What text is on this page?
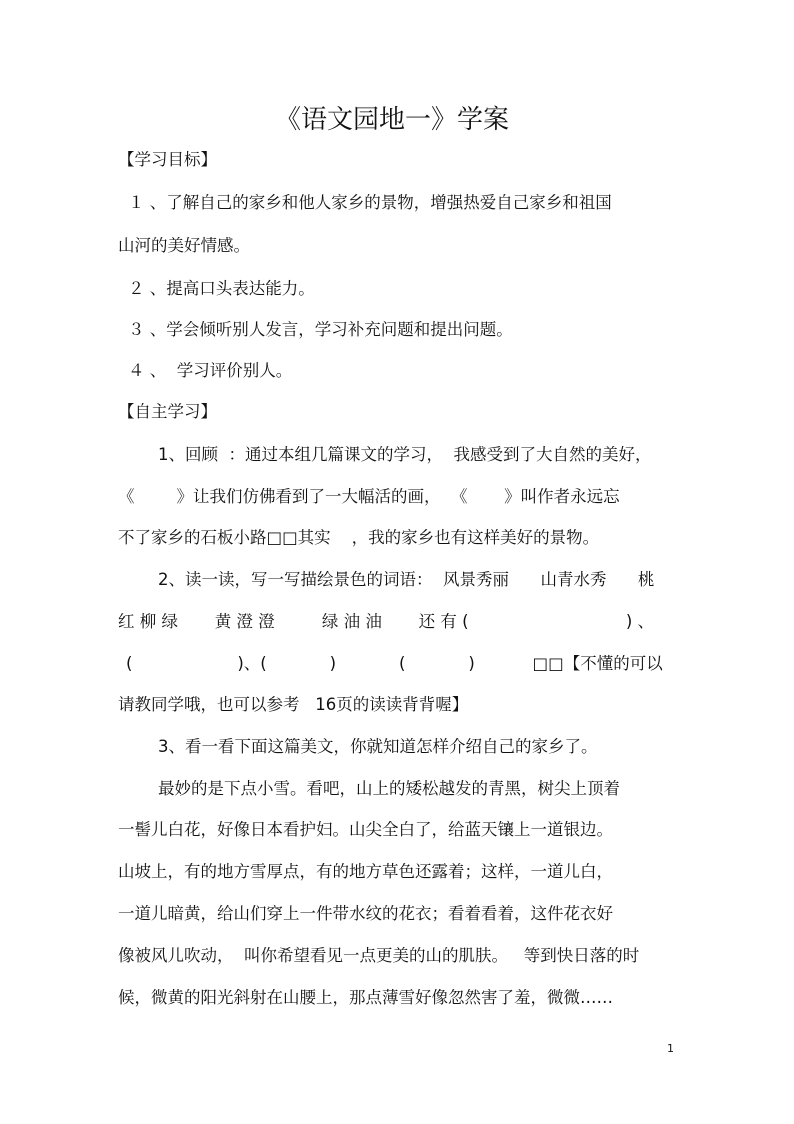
《语文园地一》学案
【学习目标】
１ 、了解自己的家乡和他人家乡的景物，增强热爱自己家乡和祖国
山河的美好情感。
２ 、提高口头表达能力。
３ 、学会倾听别人发言，学习补充问题和提出问题。
４ 、  学习评价别人。
【自主学习】
1、回顾  ：通过本组几篇课文的学习，  我感受到了大自然的美好，
《        》让我们仿佛看到了一大幅活的画，  《       》叫作者永远忘
不了家乡的石板小路□□其实    ，我的家乡也有这样美好的景物。
2、读一读，写一写描绘景色的词语：  风景秀丽      山青水秀      桃
红 柳 绿       黄 澄 澄         绿 油 油       还 有 (                              ) 、
(                    )、(            )            (            )           □□【不懂的可以
请教同学哦，也可以参考   16页的读读背背喔】
3、看一看下面这篇美文，你就知道怎样介绍自己的家乡了。
最妙的是下点小雪。看吧，山上的矮松越发的青黑，树尖上顶着
一髻儿白花，好像日本看护妇。山尖全白了，给蓝天镶上一道银边。
山坡上，有的地方雪厚点，有的地方草色还露着；这样，一道儿白，
一道儿暗黄，给山们穿上一件带水纹的花衣；看着看着，这件花衣好
像被风儿吹动，  叫你希望看见一点更美的山的肌肤。   等到快日落的时
候，微黄的阳光斜射在山腰上，那点薄雪好像忽然害了羞，微微……
1
